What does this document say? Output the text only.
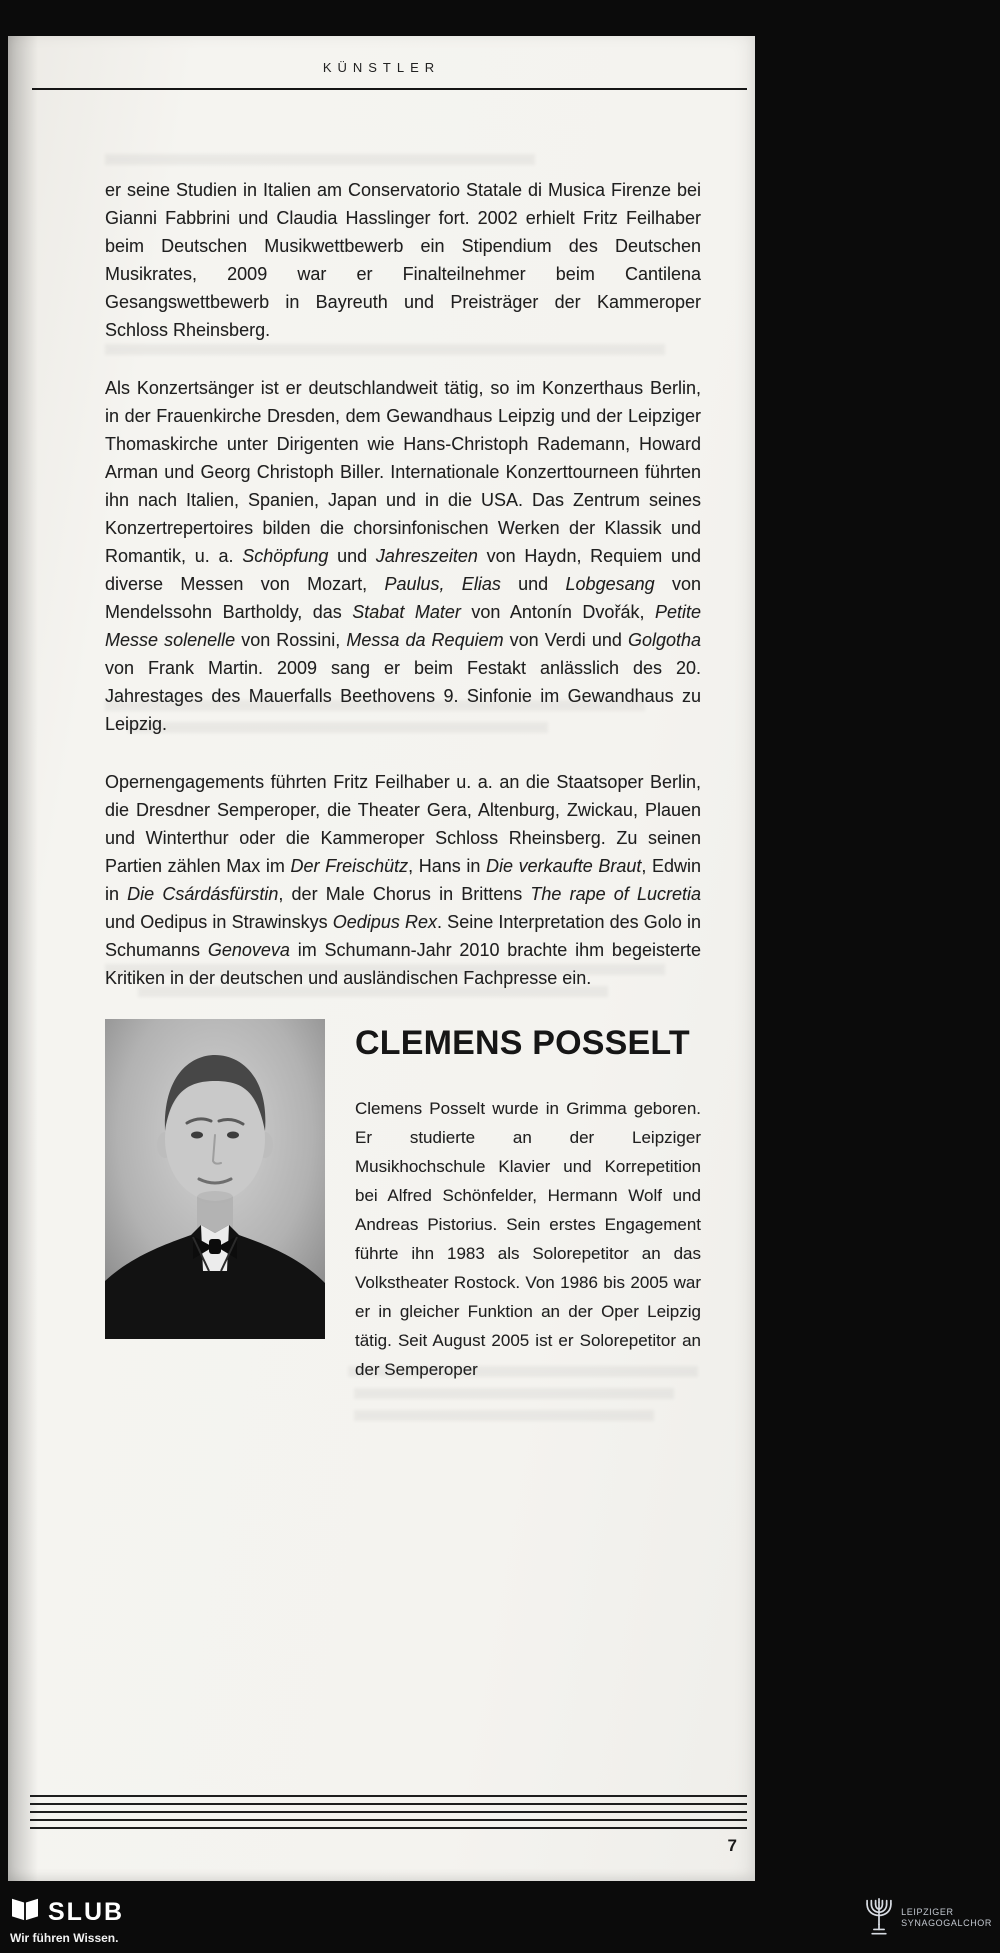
KÜNSTLER

er seine Studien in Italien am Conservatorio Statale di Musica Firenze bei Gianni Fabbrini und Claudia Hasslinger fort. 2002 erhielt Fritz Feilhaber beim Deutschen Musikwettbewerb ein Stipendium des Deutschen Musikrates, 2009 war er Finalteilnehmer beim Cantilena Gesangswettbewerb in Bayreuth und Preisträger der Kammeroper Schloss Rheinsberg.

Als Konzertsänger ist er deutschlandweit tätig, so im Konzerthaus Berlin, in der Frauenkirche Dresden, dem Gewandhaus Leipzig und der Leipziger Thomaskirche unter Dirigenten wie Hans-Christoph Rademann, Howard Arman und Georg Christoph Biller. Internationale Konzerttourneen führten ihn nach Italien, Spanien, Japan und in die USA. Das Zentrum seines Konzertrepertoires bilden die chorsinfonischen Werken der Klassik und Romantik, u. a. Schöpfung und Jahreszeiten von Haydn, Requiem und diverse Messen von Mozart, Paulus, Elias und Lobgesang von Mendelssohn Bartholdy, das Stabat Mater von Antonín Dvořák, Petite Messe solenelle von Rossini, Messa da Requiem von Verdi und Golgotha von Frank Martin. 2009 sang er beim Festakt anlässlich des 20. Jahrestages des Mauerfalls Beethovens 9. Sinfonie im Gewandhaus zu Leipzig.

Opernengagements führten Fritz Feilhaber u. a. an die Staatsoper Berlin, die Dresdner Semperoper, die Theater Gera, Altenburg, Zwickau, Plauen und Winterthur oder die Kammeroper Schloss Rheinsberg. Zu seinen Partien zählen Max im Der Freischütz, Hans in Die verkaufte Braut, Edwin in Die Csárdásfürstin, der Male Chorus in Brittens The rape of Lucretia und Oedipus in Strawinskys Oedipus Rex. Seine Interpretation des Golo in Schumanns Genoveva im Schumann-Jahr 2010 brachte ihm begeisterte Kritiken in der deutschen und ausländischen Fachpresse ein.

CLEMENS POSSELT
Clemens Posselt wurde in Grimma geboren. Er studierte an der Leipziger Musikhochschule Klavier und Korrepetition bei Alfred Schönfelder, Hermann Wolf und Andreas Pistorius. Sein erstes Engagement führte ihn 1983 als Solorepetitor an das Volkstheater Rostock. Von 1986 bis 2005 war er in gleicher Funktion an der Oper Leipzig tätig. Seit August 2005 ist er Solorepetitor an der Semperoper
7
SLUB
Wir führen Wissen.
LEIPZIGER
SYNAGOGALCHOR
